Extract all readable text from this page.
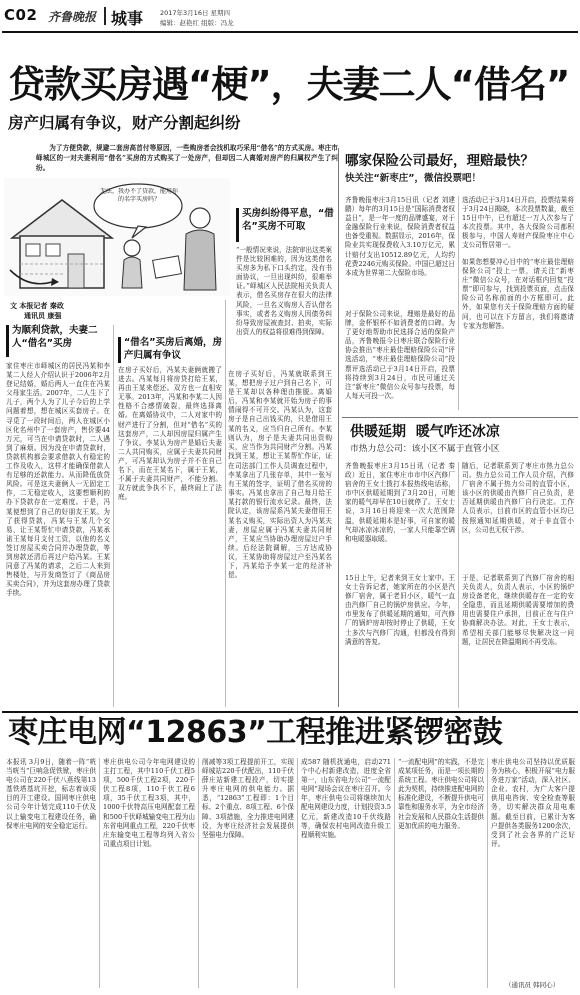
C02 齐鲁晚报 城事	2017年3月16日 星期四
编辑：赵艳红 组版：冯龙
贷款买房遇“梗”，夫妻二人“借名”
房产归属有争议，财产分割起纠纷
为了方便贷款，规避二套房高首付等原因，一些购房者会找机取巧采用“借名”的方式买房。枣庄市峄城区的一对夫妻利用“借名”买房的方式购买了一处房产，但却因二人离婚对房产的归属权产生了纠纷。
无法，我办不了贷款，能用你的名字买房吗？
买房纠纷得平息，“借名”买房不可取
“一般情况来说，法院审出这类案件是比较困难的，因为这类借名买房多为私下口头约定，没有书面协议，一旦出现纠纷，很难举证。”峄城区人民法院相关负责人表示，借名买房存在很大的法律风险，一旦名义购房人否认借名事实，或者名义购房人因债务纠纷导致房屋被查封、拍卖，实际出资人的权益将很难得到保障。
文 本报记者 秦政
通讯员 康强
为顺利贷款，夫妻二人“借名”买房
家住枣庄市峄城区的居民冯某和李某二人经人介绍认识于2006年2月登记结婚，婚后两人一直住在冯某父母家生活。2007年，二人生下了儿子，两个人为了儿子今后的上学问题着想，想在城区买套房子。在寻觅了一段时间后，两人在城区小区化名州中了一套房产，售价要44万元，可当在申请贷款时，二人遇到了麻烦。因为没在申请贷款时，贷款机构都会要求借款人有稳定的工作及收入，这样才能确保借款人有足够的还款能力。从而降低放贷风险。可是这夫妻俩人一无固定工作，二无稳定收入，这要想顺利的办下贷款存在一定难度。于是，冯某便想到了自己的好朋友王某。为了获得贷款，冯某与王某几个交易，让王某帮忙申请贷款，冯某承诺王某每月支付工资，以他的名义签订房屋买卖合同并办理贷款，等到房款还清后再过户给冯某。王某同意了冯某的请求，之后二人来到售楼处，与开发商签订了《商品房买卖合同》，并为这套房办理了贷款手续。
“借名”买房后离婚，房产归属有争议
在房子买好后，冯某夫妻俩就搬了进去。冯某每月将房贷打给王某，再由王某来偿还。双方也一直相安无事。2013年，冯某和李某二人因性格不合感情破裂，最终选择离婚。在离婚协议中，二人对家中的财产进行了分割，但对“借名”买的这套房产，二人却因房屋归属产生了争议。李某认为房产是婚后夫妻二人共同购买，应属于夫妻共同财产，可冯某却认为房子并不在自己名下，而在王某名下，属于王某，不属于夫妻共同财产，不能分割。双方就此争执不下，最终闹上了法庭。
在房子买好后，冯某就联系到王某，想把房子过户到自己名下，可是王某却以各种理由推脱。离婚后，冯某和李某就开始为房子的事情闹得不可开交。冯某认为，这套房子是自己出钱买的，只是借用王某的名义，应当归自己所有。李某则认为，房子是夫妻共同出资购买，应当作为共同财产分割。冯某找到王某，想让王某帮忙作证，证
在司法部门工作人员调查过程中，李某拿出了几张存单，其中一张写有王某的签字，证明了借名买房的事实。冯某也拿出了自己每月给王某打款的银行流水记录。最终，法院认定，该房屋系冯某夫妻借用王某名义购买，实际出资人为冯某夫妻，房屋应属于冯某夫妻共同财产，王某应当协助办理房屋过户手续。后经法院调解，三方达成协议，王某协助将房屋过户至冯某名下，冯某给予李某一定的经济补偿。
哪家保险公司最好，理赔最快？
快关注“新枣庄”，微信投票吧！
齐鲁晚报枣庄3月15日讯（记者 刘建鹏）每年的3月15日是“国际消费者权益日”，是一年一度的品牌盛宴，对于金融保险行业来说，保险消费者权益也备受重视。数据显示，2016年，保险业共实现保费收入3.10万亿元，累计赔付支出10512.89亿元，人均约花费2246元购买保险。中国已超过日本成为世界第二大保险市场。
对于保险公司来说，理赔是最好的品牌，金杯银杯不如消费者的口碑。为了更好地帮助市民选择合适的保险产品，齐鲁晚报今日枣庄联合保险行业协会推出“枣庄最佳理赔保险公司”评选活动，“枣庄最佳理赔保险公司”投票评选活动已于3月14日开启，投票将持续到3月24日，市民可通过关注“新枣庄”微信公众号参与投票，每人每天可投一次。
选活动已于3月14日开启，投票结果将于3月24日揭晓，本次投票数量，截至15日中午，已有超过一万人次参与了本次投票。其中，各大保险公司都积极参与，中国人寿财产保险枣庄中心支公司暂居第一。
如果您想要冲心目中的“枣庄最佳理赔保险公司”投上一票，请关注“新枣庄”微信公众号，在对话框内回复“投票”即可参与，找到投票页面，点击保险公司名称前面的小方框即可。此外，如果您有关于保险理赔方面的疑问，也可以在下方留言，我们将邀请专家为您解答。
供暖延期  暖气咋还冰凉
市热力总公司：该小区不属于直管小区
齐鲁晚报枣庄3月15日讯（记者 秦政）近日，家住枣庄市市中区汽修厂宿舍的王女士拨打本报热线电话称，市中区供暖延期到了3月20日，可她家的暖气却早在10日就停了。王女士说，3月16日将迎来一次大范围降温，供暖延期本是好事，可自家的暖气却冰凉冰凉的，一家人只能靠空调和电暖器取暖。
15日上午，记者来到王女士家中。王女士告诉记者，她家所在的小区是汽修厂宿舍，属于老旧小区，暖气一直由汽修厂自己的锅炉房供应。今年，市里发布了供暖延期的通知，可汽修厂的锅炉房却按时停止了供暖，王女士多次与汽修厂沟通，但都没有得到满意的答复。
随后，记者联系到了枣庄市热力总公司。热力总公司工作人员介绍，汽修厂宿舍不属于热力公司的直管小区，该小区的供暖由汽修厂自己负责，是否延期供暖由汽修厂自行决定。工作人员表示，目前市区的直管小区均已按照通知延期供暖，对于非直管小区，公司也无权干涉。
于是，记者联系到了汽修厂宿舍的相关负责人，负责人表示，小区的锅炉房设备老化，继续供暖存在一定的安全隐患，而且延期供暖需要增加的费用也需要住户承担，目前正在与住户协商解决办法。对此，王女士表示，希望相关部门能够尽快解决这一问题，让居民在降温期间不再受冻。
枣庄电网“12863”工程推进紧锣密鼓
本报讯 3月9日，随着一阵“咣当咣当”巨响急促铁锨，枣庄供电公司在220千伏八燕线第13基铁塔基坑开挖，标志着该项目的开工建设。国网枣庄供电公司今年计划完成110千伏及以上输变电工程建设任务，确保枣庄电网的安全稳定运行。
枣庄供电公司今年电网建设的主打工程，其中110千伏工程5项，500千伏工程2项，220千伏工程8项，110千伏工程6项，35千伏工程3项，其中，1000千伏特高压电网配套工程和500千伏峄城输变电工程为山东省电网重点工程，220千伏枣庄东输变电工程等均列入省公司重点项目计划。
削减等3项工程提前开工，实现峄城站220千伏配出，110千伏薛庄站新建工程投产，切实提升枣庄电网的供电能力。据悉，“12863”工程即：1个目标、2个重点、8项工程、6个保障、3项措施，全力推进电网建设，为枣庄经济社会发展提供坚强电力保障。
成587 随机扰通电，启动271个中心村新建改造，进度全省第一，山东省电力公司“一流配电网”现场会议在枣庄召开。今年，枣庄供电公司将继续加大配电网建设力度，计划投资3.5亿元，新建改造10千伏线路等，确保农村电网改造升级工程顺利实施。
“一流配电网”的实践，不是完成某项任务，而是一项长期的系统工程。枣庄供电公司将以此为契机，持续推进配电网的标准化建设，不断提升供电可靠性和服务水平，为全市经济社会发展和人民群众生活提供更加优质的电力服务。
枣庄供电公司坚持以优质服务为核心，积极开展“电力服务进万家”活动，深入社区、企业、农村，为广大客户提供用电咨询、安全检查等服务，切实解决群众用电难题。截至目前，已累计为客户提供各类服务1200余次，受到了社会各界的广泛好评。
（通讯员 韩同心）
